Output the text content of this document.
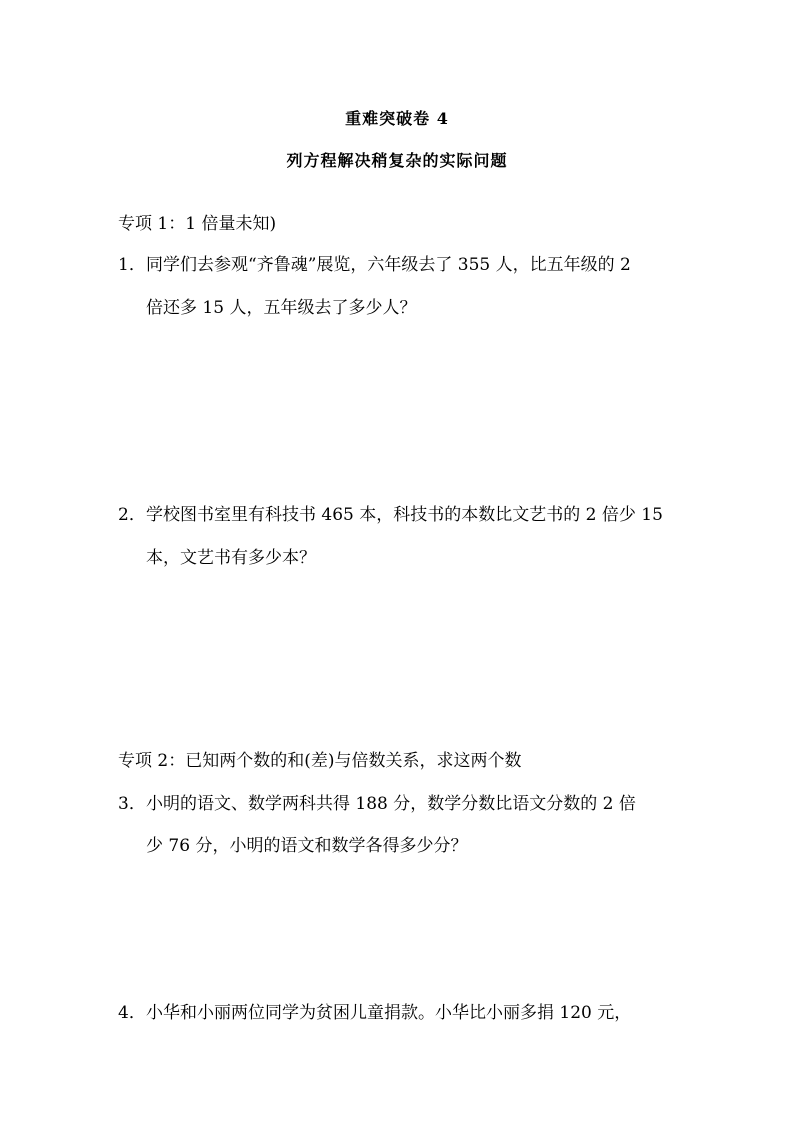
重难突破卷 4
列方程解决稍复杂的实际问题
专项 1：1 倍量未知)
1． 同学们去参观“齐鲁魂”展览，六年级去了 355 人，比五年级的 2
倍还多 15 人，五年级去了多少人？
2． 学校图书室里有科技书 465 本，科技书的本数比文艺书的 2 倍少 15
本，文艺书有多少本？
专项 2：已知两个数的和(差)与倍数关系，求这两个数
3． 小明的语文、数学两科共得 188 分，数学分数比语文分数的 2 倍
少 76 分，小明的语文和数学各得多少分？
4． 小华和小丽两位同学为贫困儿童捐款。小华比小丽多捐 120 元，
